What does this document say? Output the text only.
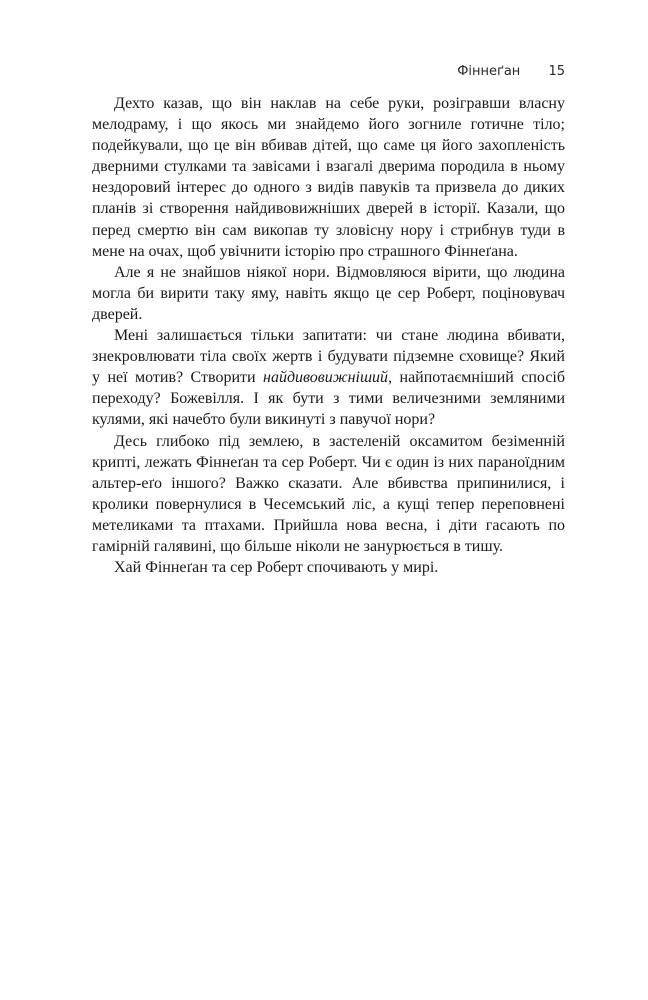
Фіннеґан 15

Дехто казав, що він наклав на себе руки, розігравши власну мелодраму, і що якось ми знайдемо його зогниле готичне тіло; подейкували, що це він вбивав дітей, що саме ця його захопленість дверними стулками та завісами і взагалі дверима породила в ньому нездоровий інтерес до одного з видів павуків та призвела до диких планів зі створення найдивовижніших дверей в історії. Казали, що перед смертю він сам викопав ту зловісну нору і стрибнув туди в мене на очах, щоб увічнити історію про страшного Фіннеґана.

Але я не знайшов ніякої нори. Відмовляюся вірити, що людина могла би вирити таку яму, навіть якщо це сер Роберт, поціновувач дверей.

Мені залишається тільки запитати: чи стане людина вбивати, знекровлювати тіла своїх жертв і будувати підземне сховище? Який у неї мотив? Створити найдивовижніший, найпотаємніший спосіб переходу? Божевілля. І як бути з тими величезними земляними кулями, які начебто були викинуті з павучої нори?

Десь глибоко під землею, в застеленій оксамитом безіменній крипті, лежать Фіннеґан та сер Роберт. Чи є один із них параноїдним альтер-еґо іншого? Важко сказати. Але вбивства припинилися, і кролики повернулися в Чесемський ліс, а кущі тепер переповнені метеликами та птахами. Прийшла нова весна, і діти гасають по гамірній галявині, що більше ніколи не занурюється в тишу.

Хай Фіннеґан та сер Роберт спочивають у мирі.
